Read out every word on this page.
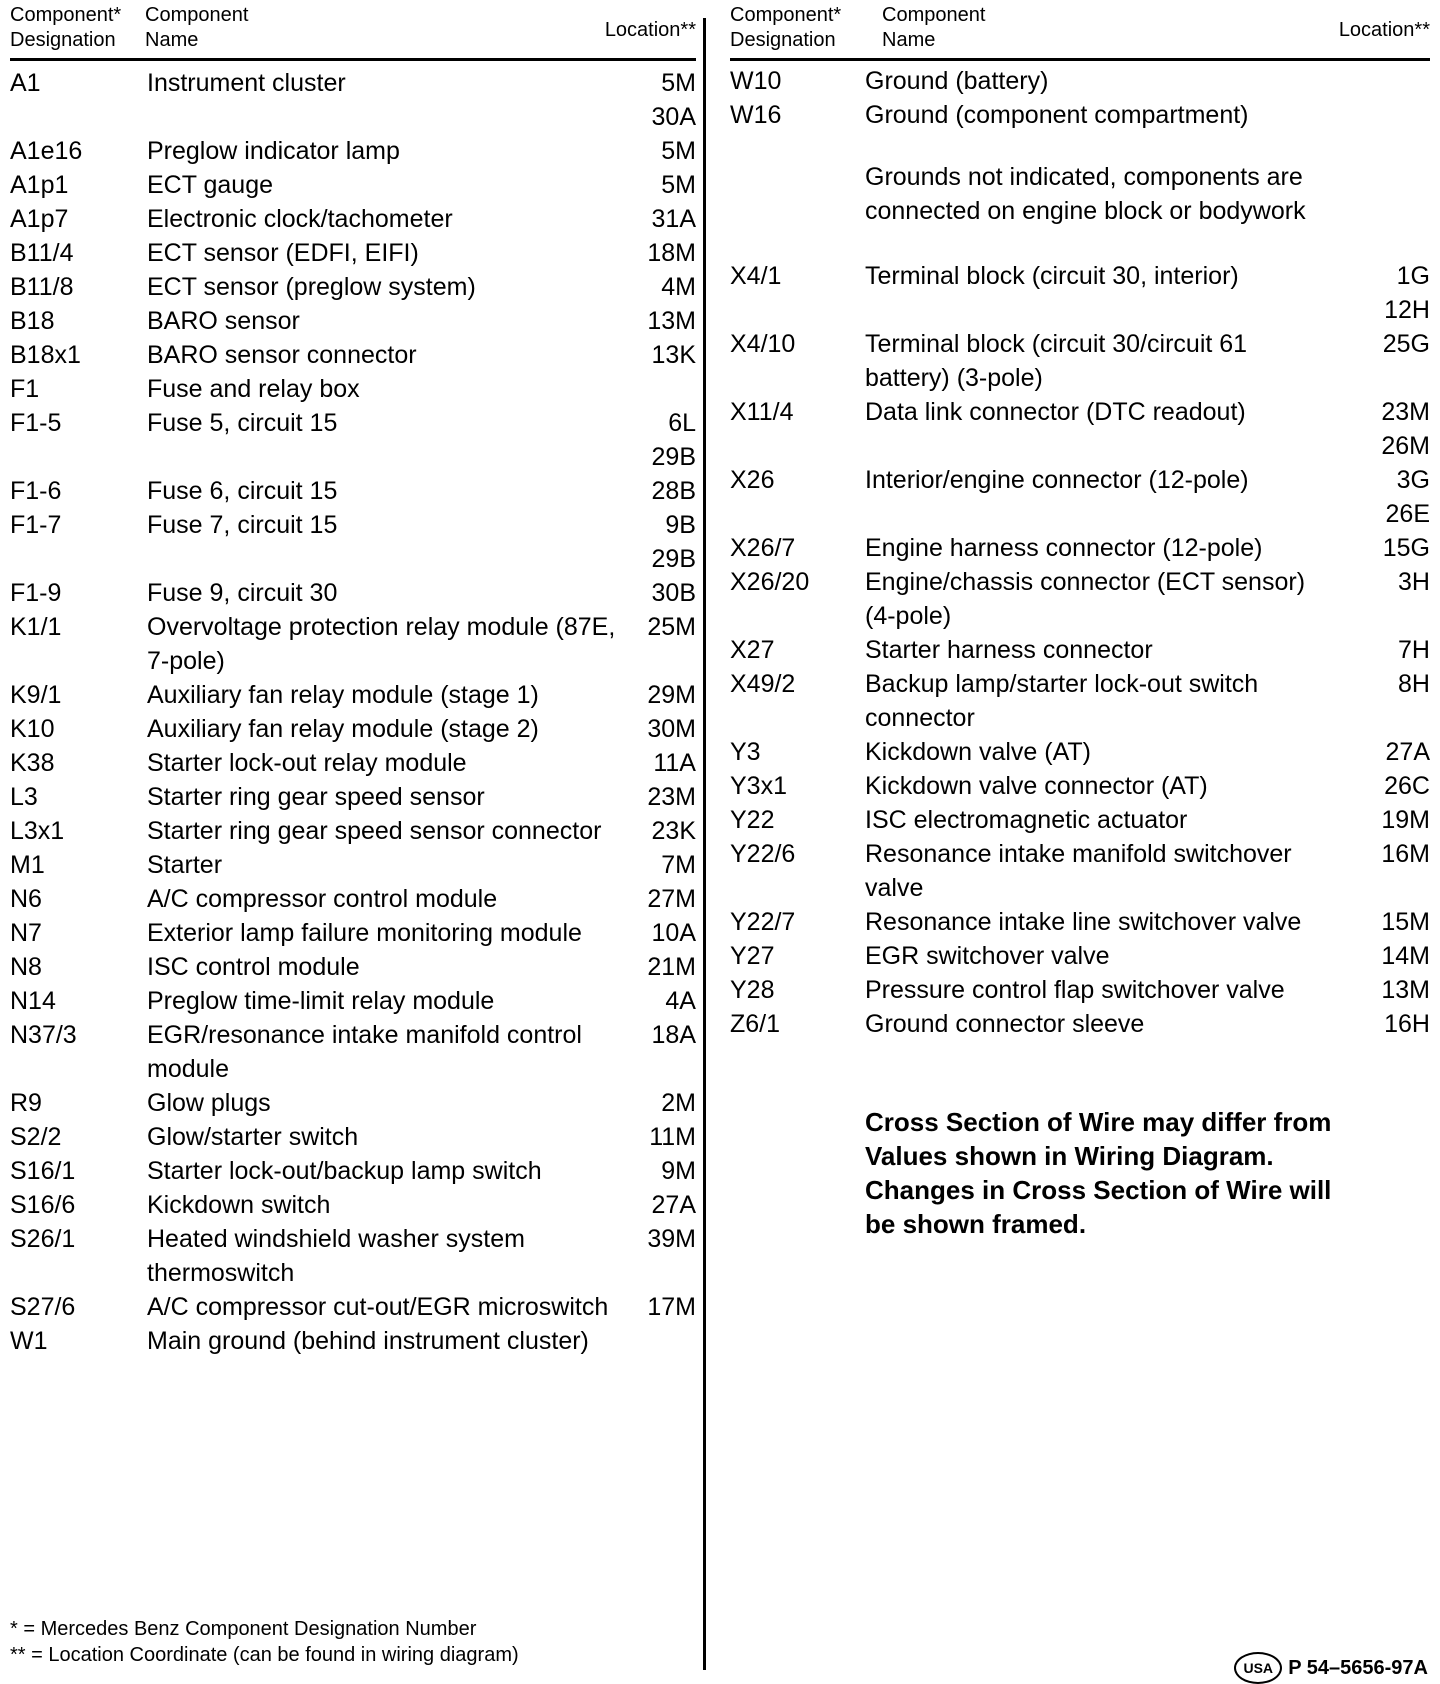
Component*
Designation
Component
Name	Location**
A1	Instrument cluster	5M
30A
A1e16	Preglow indicator lamp	5M
A1p1	ECT gauge	5M
A1p7	Electronic clock/tachometer	31A
B11/4	ECT sensor (EDFI, EIFI)	18M
B11/8	ECT sensor (preglow system)	4M
B18	BARO sensor	13M
B18x1	BARO sensor connector	13K
F1	Fuse and relay box
F1-5	Fuse 5, circuit 15	6L
29B
F1-6	Fuse 6, circuit 15	28B
F1-7	Fuse 7, circuit 15	9B
29B
F1-9	Fuse 9, circuit 30	30B
K1/1	Overvoltage protection relay module (87E, 7-pole)
25M
K9/1	Auxiliary fan relay module (stage 1)	29M
K10	Auxiliary fan relay module (stage 2)	30M
K38	Starter lock-out relay module	11A
L3	Starter ring gear speed sensor	23M
L3x1	Starter ring gear speed sensor connector	23K
M1	Starter	7M
N6	A/C compressor control module	27M
N7	Exterior lamp failure monitoring module	10A
N8	ISC control module	21M
N14	Preglow time-limit relay module	4A
N37/3	EGR/resonance intake manifold control module
18A
R9	Glow plugs	2M
S2/2	Glow/starter switch	11M
S16/1	Starter lock-out/backup lamp switch	9M
S16/6	Kickdown switch	27A
S26/1	Heated windshield washer system thermoswitch
39M
S27/6	A/C compressor cut-out/EGR microswitch	17M
W1	Main ground (behind instrument cluster)
Component*
Designation
Component
Name	Location**
W10	Ground (battery)
W16	Ground (component compartment)
Grounds not indicated, components are connected on engine block or bodywork
X4/1	Terminal block (circuit 30, interior)	1G
12H
X4/10	Terminal block (circuit 30/circuit 61 battery) (3-pole)
25G
X11/4	Data link connector (DTC readout)	23M
26M
X26	Interior/engine connector (12-pole)	3G
26E
X26/7	Engine harness connector (12-pole)	15G
X26/20 Engine/chassis connector (ECT sensor) (4-pole)
3H
X27	Starter harness connector	7H
X49/2	Backup lamp/starter lock-out switch connector
8H
Y3	Kickdown valve (AT)	27A
Y3x1	Kickdown valve connector (AT)	26C
Y22	ISC electromagnetic actuator	19M
Y22/6	Resonance intake manifold switchover valve
16M
Y22/7	Resonance intake line switchover valve	15M
Y27	EGR switchover valve	14M
Y28	Pressure control flap switchover valve	13M
Z6/1	Ground connector sleeve	16H
Cross Section of Wire may differ from Values shown in Wiring Diagram.
Changes in Cross Section of Wire will be shown framed.
* = Mercedes Benz Component Designation Number
** = Location Coordinate (can be found in wiring diagram)
USA P 54–5656-97A
